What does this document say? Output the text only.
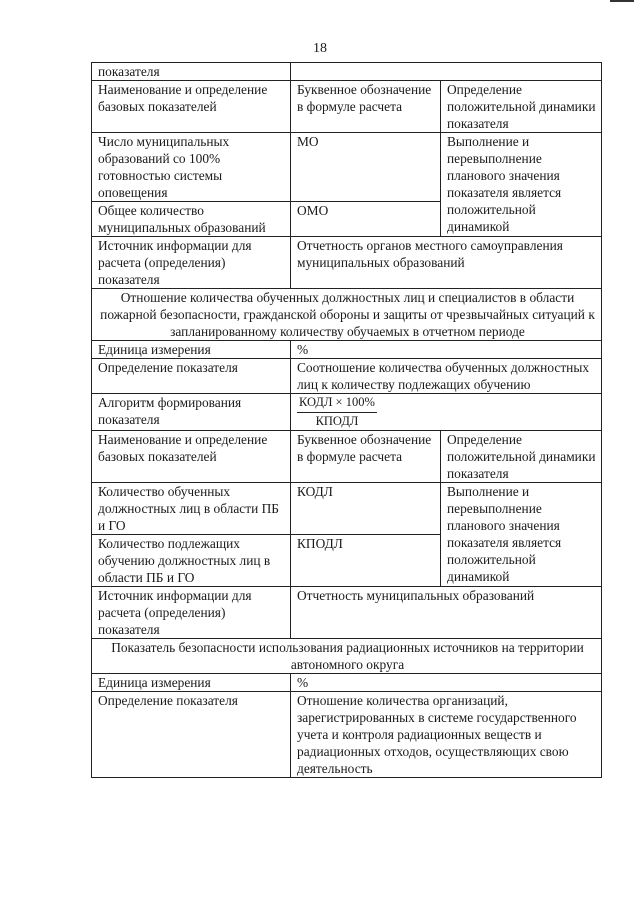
18
показателя		
Наименование и определение базовых показателей	Буквенное обозначение в формуле расчета	Определение положительной динамики показателя
Число муниципальных образований со 100% готовностью системы оповещения	МО	Выполнение и перевыполнение планового значения показателя является положительной динамикой
Общее количество муниципальных образований	ОМО	
Источник информации для расчета (определения) показателя	Отчетность органов местного самоуправления муниципальных образований	
Отношение количества обученных должностных лиц и специалистов в области пожарной безопасности, гражданской обороны и защиты от чрезвычайных ситуаций к запланированному количеству обучаемых в отчетном периоде		
Единица измерения	%	
Определение показателя	Соотношение количества обученных должностных лиц к количеству подлежащих обучению	
Алгоритм формирования показателя	$\frac{\text{КОДЛ × 100\%}}{\text{КПОДЛ}}$

Наименование и определение базовых показателей	Буквенное обозначение в формуле расчета	Определение положительной динамики показателя
Количество обученных должностных лиц в области ПБ и ГО	КОДЛ	Выполнение и перевыполнение планового значения показателя является положительной динамикой
Количество подлежащих обучению должностных лиц в области ПБ и ГО	КПОДЛ	
Источник информации для расчета (определения) показателя	Отчетность муниципальных образований	
Показатель безопасности использования радиационных источников на территории автономного округа		
Единица измерения	%	
Определение показателя	Отношение количества организаций, зарегистрированных в системе государственного учета и контроля радиационных веществ и радиационных отходов, осуществляющих свою деятельность	
